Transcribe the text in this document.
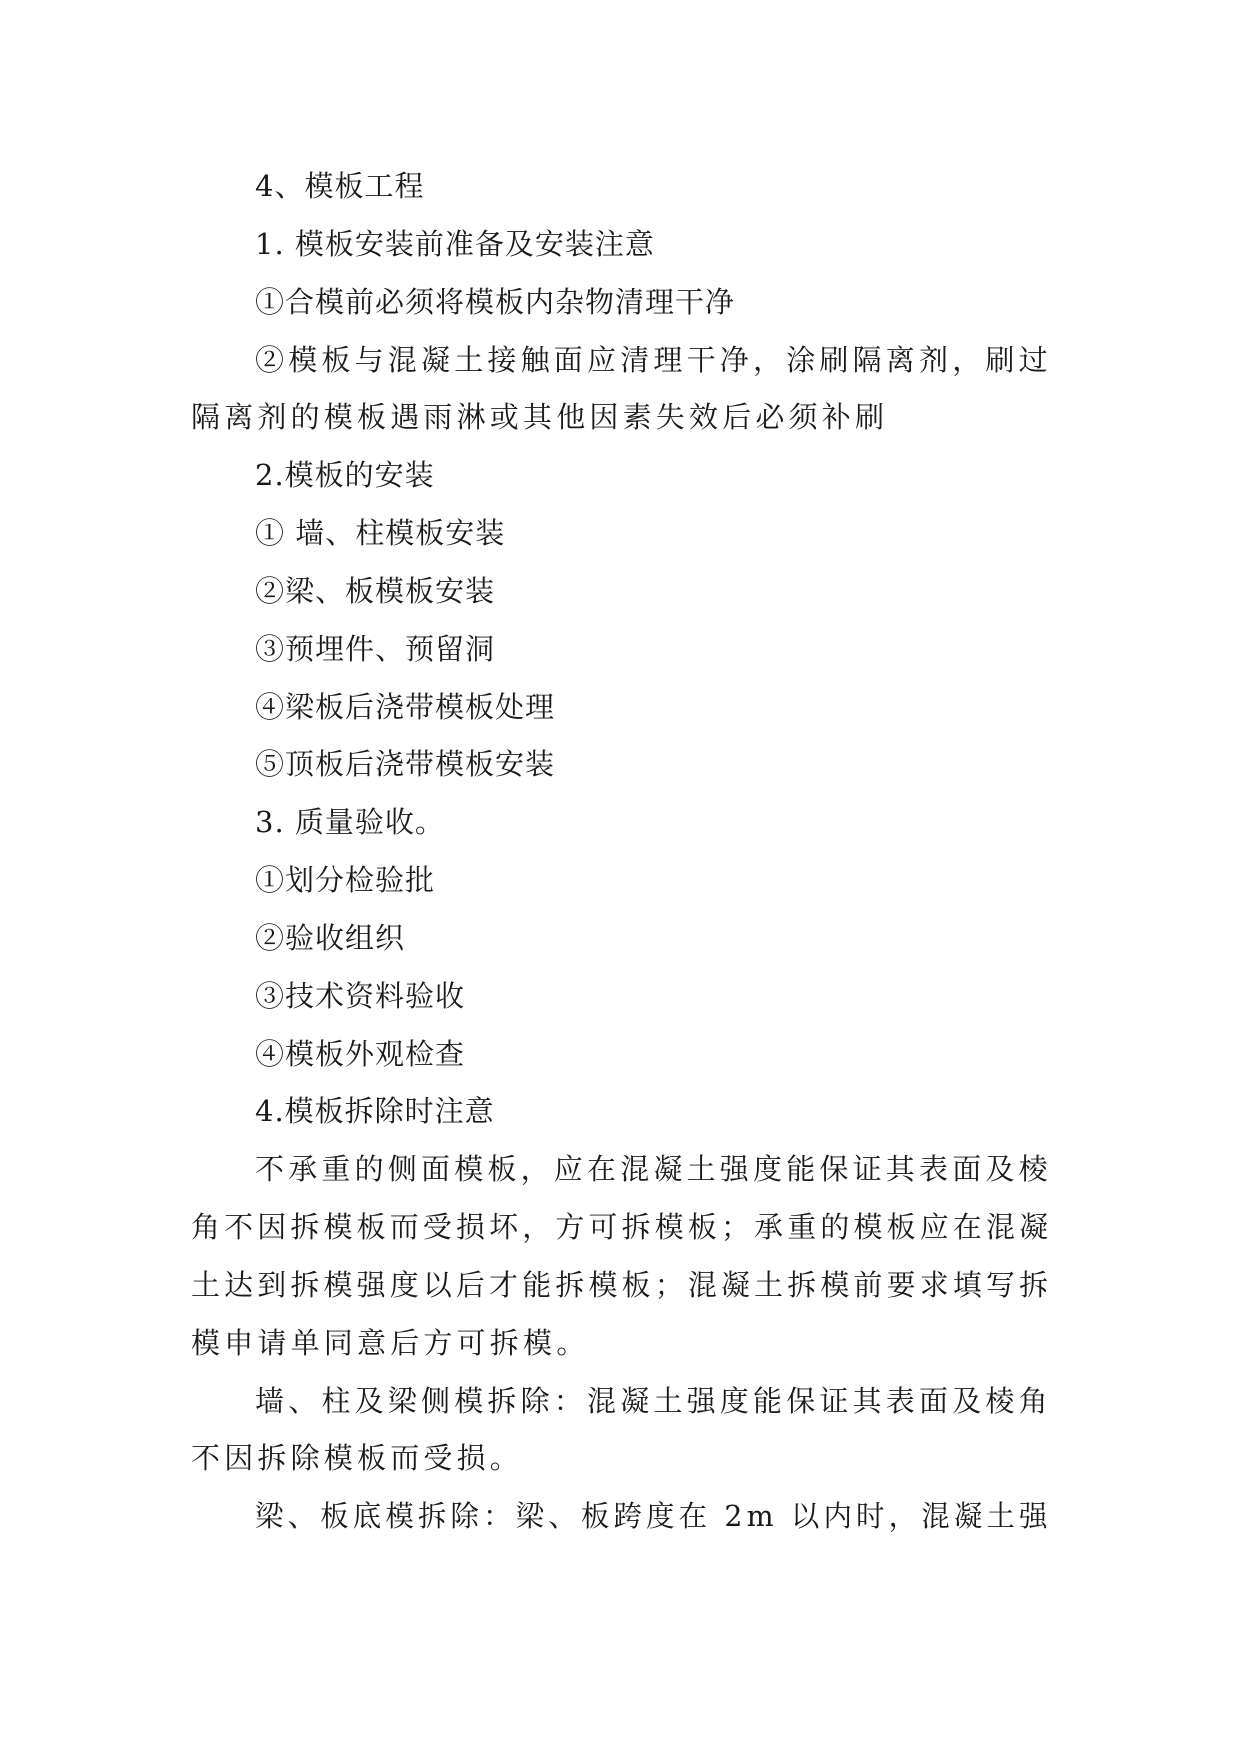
4、模板工程
1. 模板安装前准备及安装注意
①合模前必须将模板内杂物清理干净
②模板与混凝土接触面应清理干净，涂刷隔离剂，刷过
隔离剂的模板遇雨淋或其他因素失效后必须补刷
2.模板的安装
① 墙、柱模板安装
②梁、板模板安装
③预埋件、预留洞
④梁板后浇带模板处理
⑤顶板后浇带模板安装
3. 质量验收。
①划分检验批
②验收组织
③技术资料验收
④模板外观检查
4.模板拆除时注意
不承重的侧面模板，应在混凝土强度能保证其表面及棱
角不因拆模板而受损坏，方可拆模板；承重的模板应在混凝
土达到拆模强度以后才能拆模板；混凝土拆模前要求填写拆
模申请单同意后方可拆模。
墙、柱及梁侧模拆除：混凝土强度能保证其表面及棱角
不因拆除模板而受损。
梁、板底模拆除：梁、板跨度在 2m 以内时，混凝土强
